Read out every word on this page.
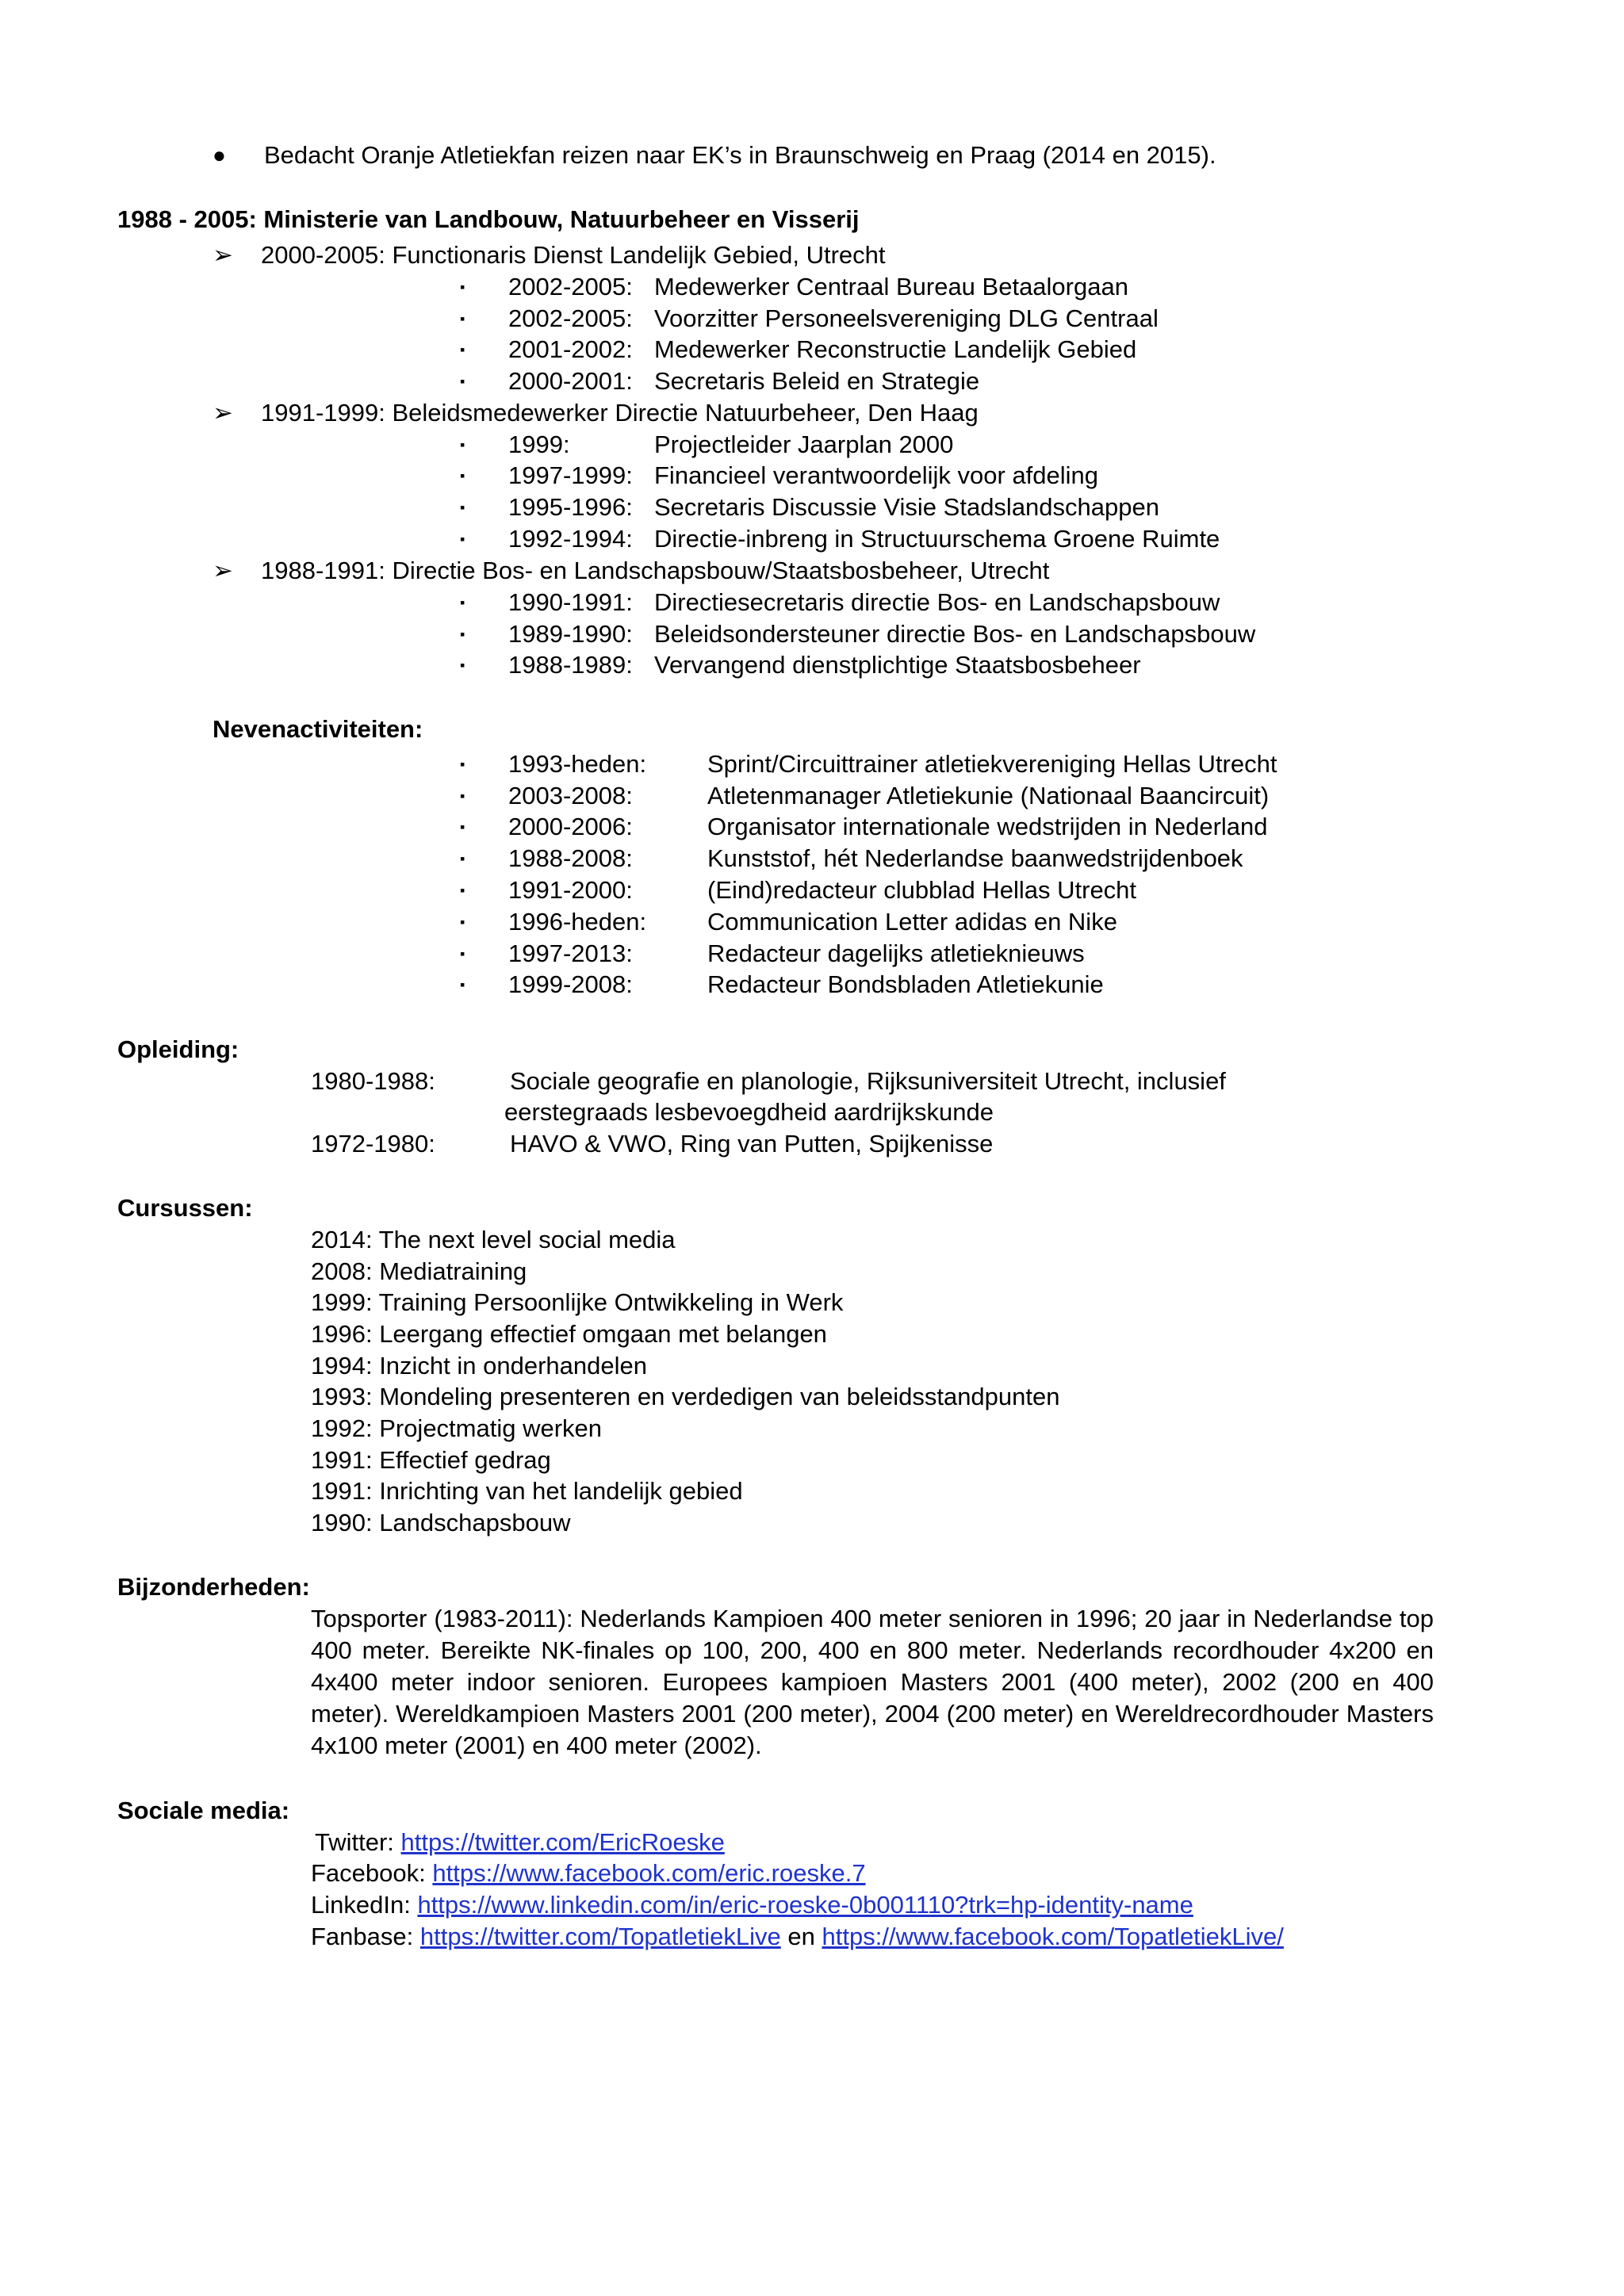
● Bedacht Oranje Atletiekfan reizen naar EK’s in Braunschweig en Praag (2014 en 2015).
1988 - 2005: Ministerie van Landbouw, Natuurbeheer en Visserij
➢ 2000-2005: Functionaris Dienst Landelijk Gebied, Utrecht
▪ 2002-2005: Medewerker Centraal Bureau Betaalorgaan
▪ 2002-2005: Voorzitter Personeelsvereniging DLG Centraal
▪ 2001-2002: Medewerker Reconstructie Landelijk Gebied
▪ 2000-2001: Secretaris Beleid en Strategie
➢ 1991-1999: Beleidsmedewerker Directie Natuurbeheer, Den Haag
▪ 1999:	Projectleider Jaarplan 2000
▪ 1997-1999: Financieel verantwoordelijk voor afdeling
▪ 1995-1996: Secretaris Discussie Visie Stadslandschappen
▪ 1992-1994: Directie-inbreng in Structuurschema Groene Ruimte
➢ 1988-1991: Directie Bos- en Landschapsbouw/Staatsbosbeheer, Utrecht
▪ 1990-1991: Directiesecretaris directie Bos- en Landschapsbouw
▪ 1989-1990: Beleidsondersteuner directie Bos- en Landschapsbouw
▪ 1988-1989: Vervangend dienstplichtige Staatsbosbeheer
Nevenactiviteiten:
▪ 1993-heden: Sprint/Circuittrainer atletiekvereniging Hellas Utrecht
▪ 2003-2008:	Atletenmanager Atletiekunie (Nationaal Baancircuit)
▪ 2000-2006:	Organisator internationale wedstrijden in Nederland
▪ 1988-2008:	Kunststof, hét Nederlandse baanwedstrijdenboek
▪ 1991-2000:	(Eind)redacteur clubblad Hellas Utrecht
▪ 1996-heden: Communication Letter adidas en Nike
▪ 1997-2013:	Redacteur dagelijks atletieknieuws
▪ 1999-2008:	Redacteur Bondsbladen Atletiekunie
Opleiding:
1980-1988:	Sociale geografie en planologie, Rijksuniversiteit Utrecht, inclusief
eerstegraads lesbevoegdheid aardrijkskunde
1972-1980:	HAVO & VWO, Ring van Putten, Spijkenisse
Cursussen:
2014: The next level social media
2008: Mediatraining
1999: Training Persoonlijke Ontwikkeling in Werk
1996: Leergang effectief omgaan met belangen
1994: Inzicht in onderhandelen
1993: Mondeling presenteren en verdedigen van beleidsstandpunten
1992: Projectmatig werken
1991: Effectief gedrag
1991: Inrichting van het landelijk gebied
1990: Landschapsbouw
Bijzonderheden:
Topsporter (1983-2011): Nederlands Kampioen 400 meter senioren in 1996; 20 jaar in Nederlandse top 400 meter. Bereikte NK-finales op 100, 200, 400 en 800 meter. Nederlands recordhouder 4x200 en 4x400 meter indoor senioren. Europees kampioen Masters 2001 (400 meter), 2002 (200 en 400 meter). Wereldkampioen Masters 2001 (200 meter), 2004 (200 meter) en Wereldrecordhouder Masters 4x100 meter (2001) en 400 meter (2002).
Sociale media:
Twitter: https://twitter.com/EricRoeske
Facebook: https://www.facebook.com/eric.roeske.7
LinkedIn: https://www.linkedin.com/in/eric-roeske-0b001110?trk=hp-identity-name
Fanbase: https://twitter.com/TopatletiekLive en https://www.facebook.com/TopatletiekLive/
